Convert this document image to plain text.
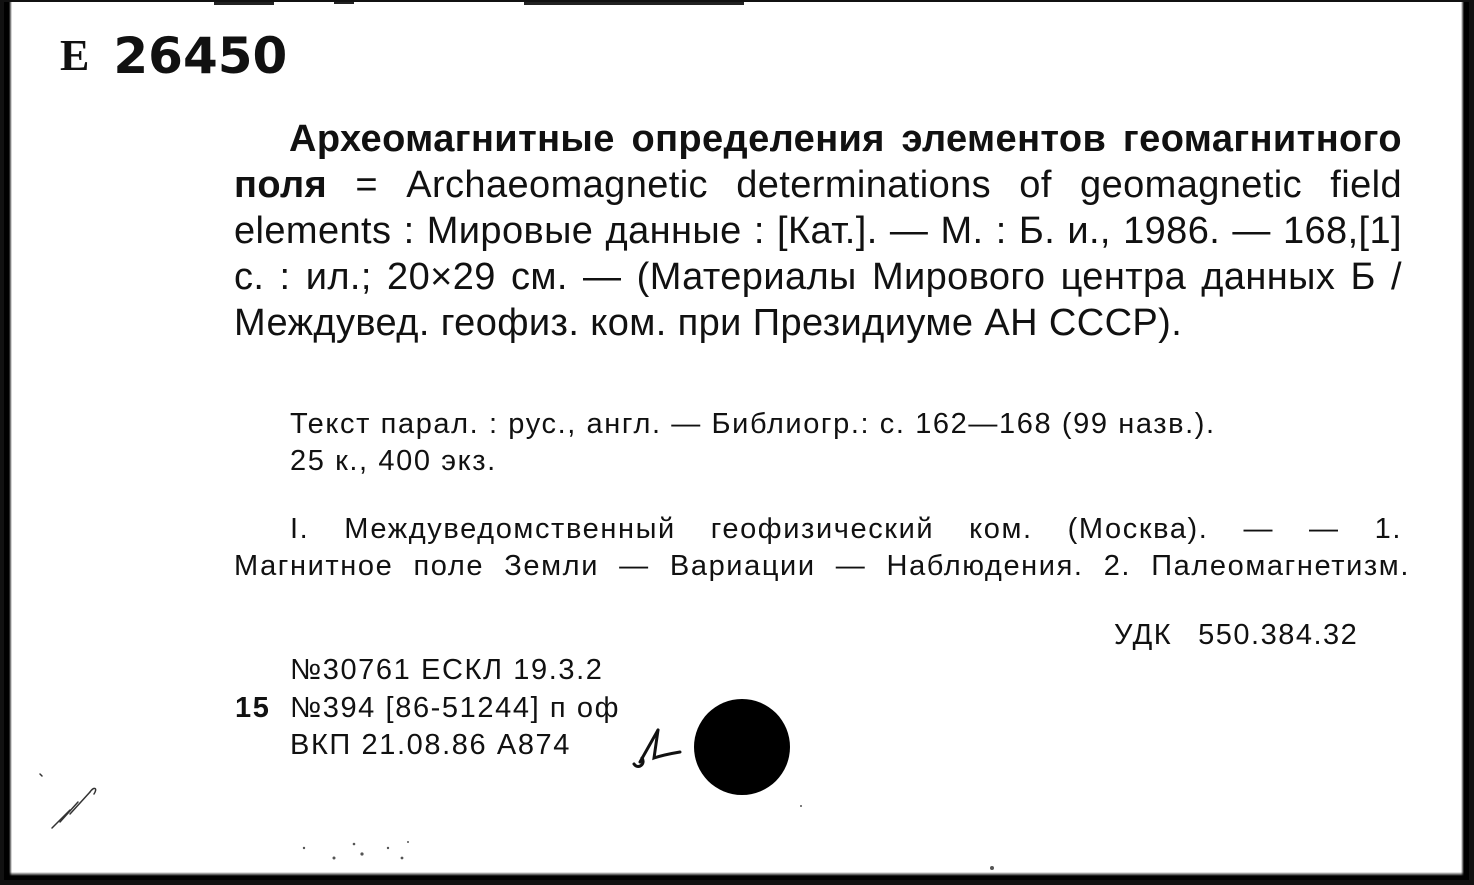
Е 26450
Археомагнитные определения элементов геомагнитного поля = Archaeomagnetic determinations of geomagnetic field elements : Мировые данные : [Кат.]. — М. : Б. и., 1986. — 168,[1] с. : ил.; 20×29 см. — (Материалы Мирового центра данных Б / Междувед. геофиз. ком. при Президиуме АН СССР).
Текст парал. : рус., англ. — Библиогр.: с. 162—168 (99 назв.).
25 к., 400 экз.
I. Междуведомственный геофизический ком. (Москва). — — 1.
Магнитное поле Земли — Вариации — Наблюдения. 2. Палеомагнетизм.
УДК 550.384.32
№30761 ЕСКЛ 19.3.2
15 №394 [86-51244] п оф
ВКП 21.08.86 А874
